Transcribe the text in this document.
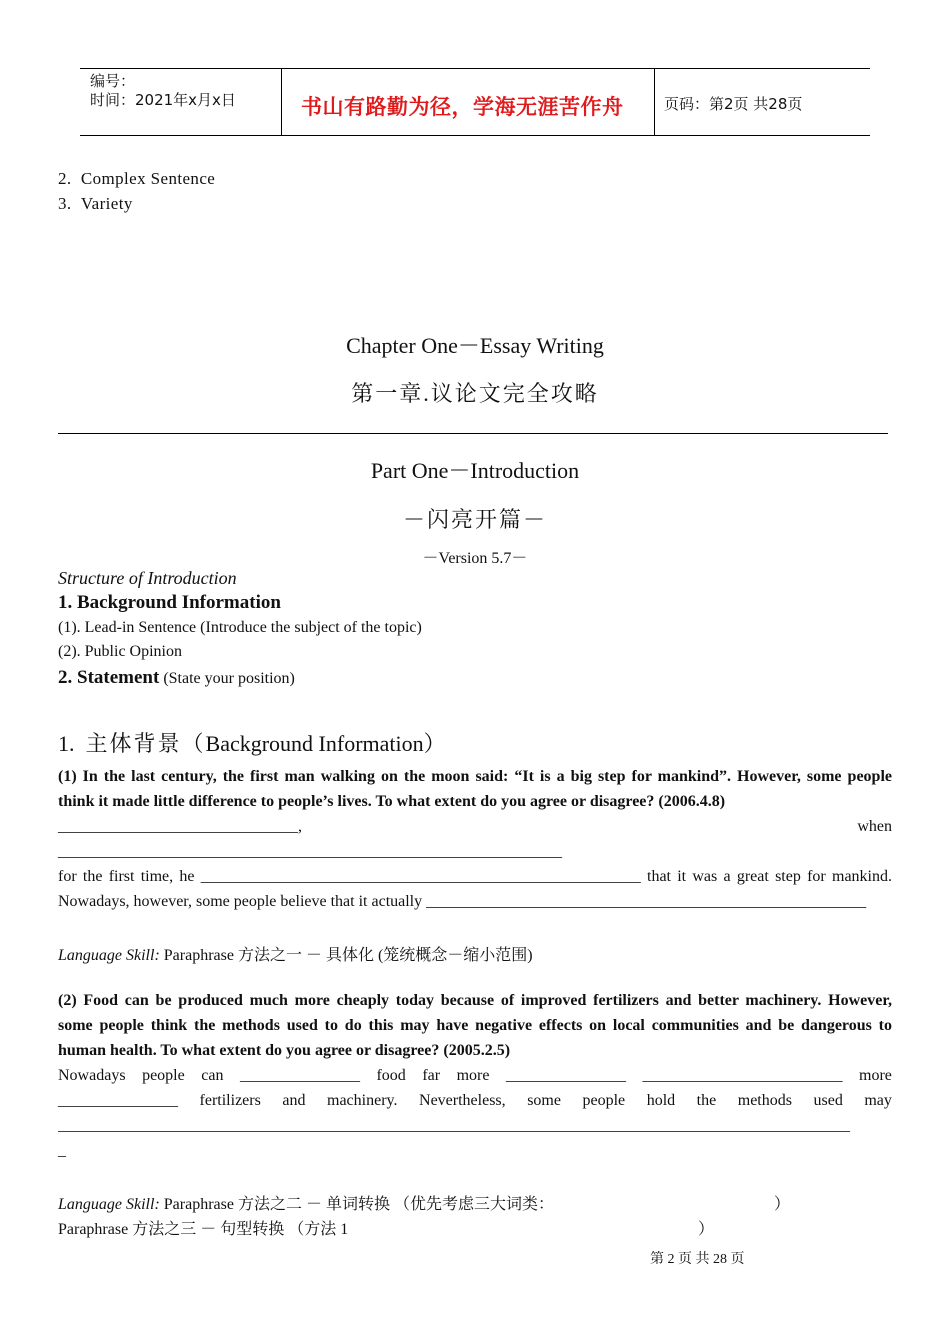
编号：
时间：2021年x月x日	书山有路勤为径，学海无涯苦作舟	页码：第2页 共28页
2. Complex Sentence
3. Variety
Chapter One－Essay Writing
第一章.议论文完全攻略
Part One－Introduction
－闪亮开篇－
－Version 5.7－
Structure of Introduction
1. Background Information
(1). Lead-in Sentence (Introduce the subject of the topic)
(2). Public Opinion
2. Statement (State your position)
1. 主体背景（Background Information）
(1) In the last century, the first man walking on the moon said: “It is a big step for mankind”. However, some people
think it made little difference to people’s lives. To what extent do you agree or disagree? (2006.4.8)
______________________________,	when
_______________________________________________________________
for the first time, he _______________________________________________________ that it was a great step for mankind.
Nowadays, however, some people believe that it actually _______________________________________________________
Language Skill: Paraphrase 方法之一 － 具体化 (笼统概念－缩小范围)
(2) Food can be produced much more cheaply today because of improved fertilizers and better machinery. However,
some people think the methods used to do this may have negative effects on local communities and be dangerous to
human health. To what extent do you agree or disagree? (2005.2.5)
Nowadays people can _______________ food far more _______________ _________________________ more
_______________ fertilizers and machinery. Nevertheless, some people hold the methods used may
___________________________________________________________________________________________________
_
Language Skill: Paraphrase 方法之二 － 单词转换 （优先考虑三大词类：	）
Paraphrase 方法之三 － 句型转换 （方法 1	）
第 2 页 共 28 页
